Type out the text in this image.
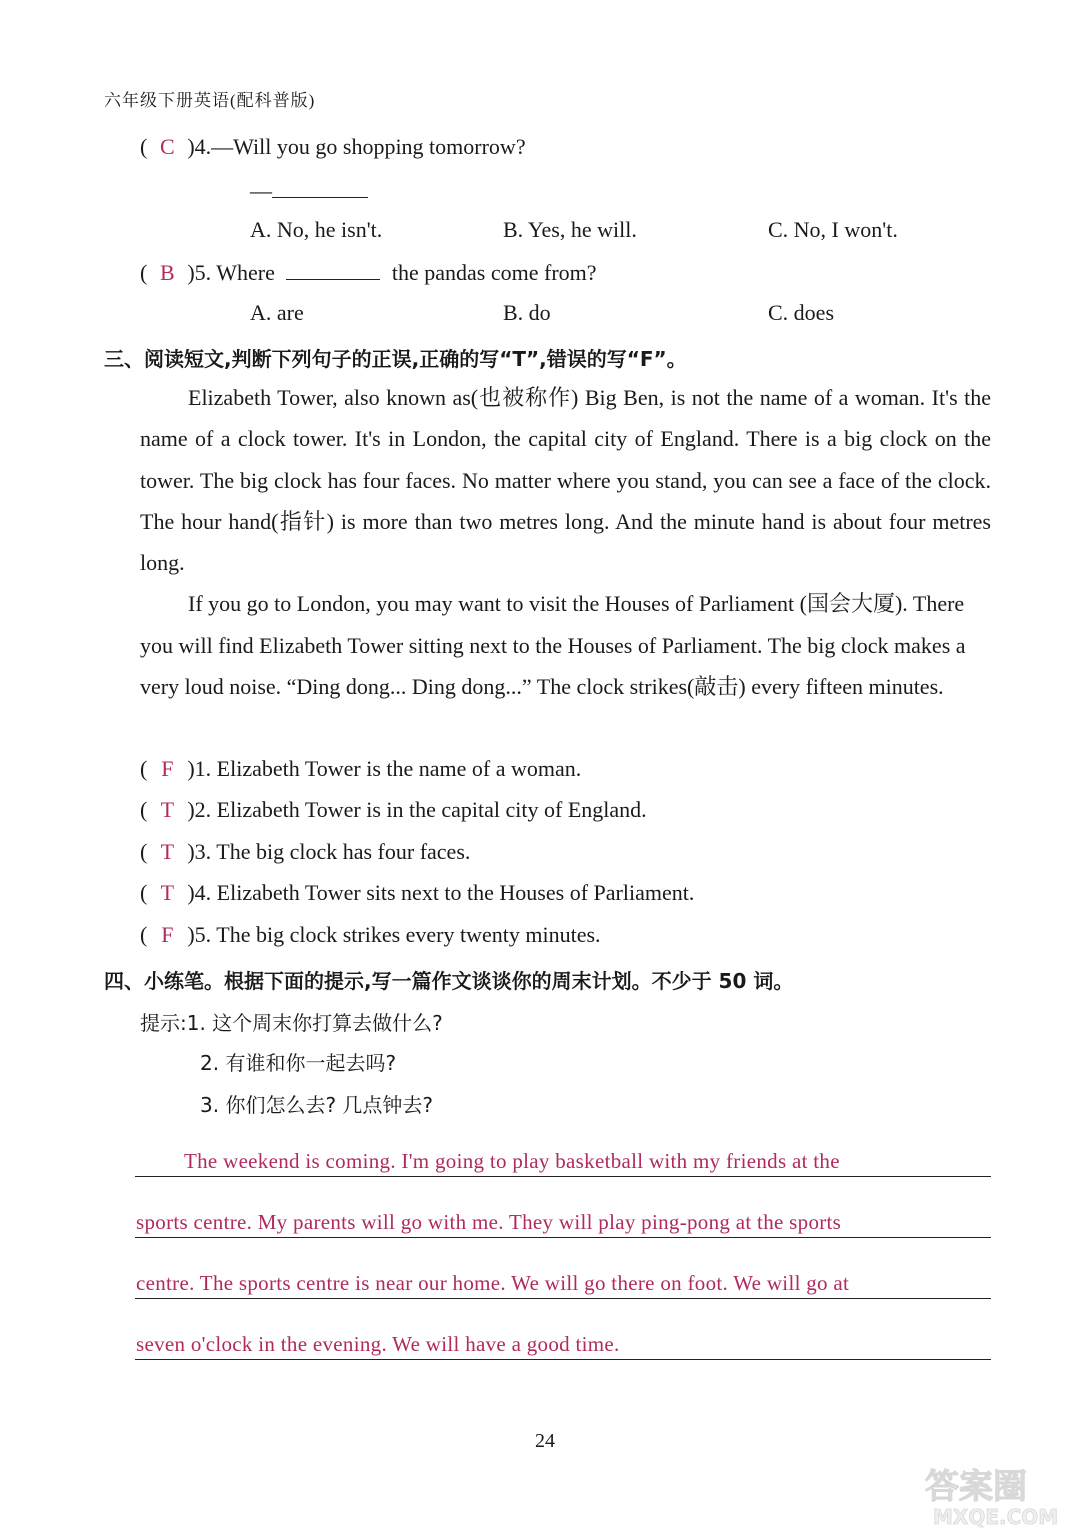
六年级下册英语(配科普版)
( C )4.—Will you go shopping tomorrow?
—
A. No, he isn't.	B. Yes, he will.	C. No, I won't.
( B )5. Where	the pandas come from?
A. are	B. do	C. does
三、阅读短文,判断下列句子的正误,正确的写“T”,错误的写“F”。

Elizabeth Tower, also known as(也被称作) Big Ben, is not the name of a woman. It's the name of a clock tower. It's in London, the capital city of England. There is a big clock on the tower. The big clock has four faces. No matter where you stand, you can see a face of the clock. The hour hand(指针) is more than two metres long. And the minute hand is about four metres long.

If you go to London, you may want to visit the Houses of Parliament (国会大厦). There you will find Elizabeth Tower sitting next to the Houses of Parliament. The big clock makes a very loud noise. “Ding dong... Ding dong...” The clock strikes(敲击) every fifteen minutes.

( F )1. Elizabeth Tower is the name of a woman.
( T )2. Elizabeth Tower is in the capital city of England.
( T )3. The big clock has four faces.
( T )4. Elizabeth Tower sits next to the Houses of Parliament.
( F )5. The big clock strikes every twenty minutes.
四、小练笔。根据下面的提示,写一篇作文谈谈你的周末计划。不少于 50 词。
提示:1. 这个周末你打算去做什么?
2. 有谁和你一起去吗?
3. 你们怎么去? 几点钟去?
The weekend is coming. I'm going to play basketball with my friends at the
sports centre. My parents will go with me. They will play ping-pong at the sports
centre. The sports centre is near our home. We will go there on foot. We will go at
seven o'clock in the evening. We will have a good time.
24
答案圈
MXQE.COM
